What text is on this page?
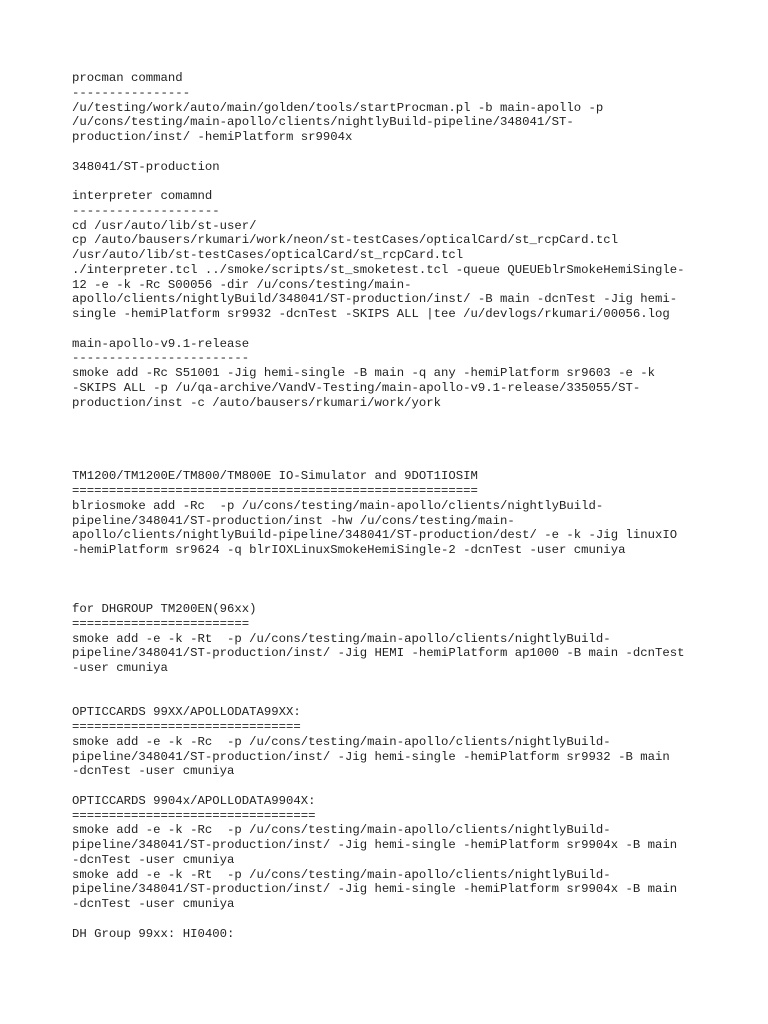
procman command
----------------
/u/testing/work/auto/main/golden/tools/startProcman.pl -b main-apollo -p
/u/cons/testing/main-apollo/clients/nightlyBuild-pipeline/348041/ST-
production/inst/ -hemiPlatform sr9904x
348041/ST-production
interpreter comamnd
--------------------
cd /usr/auto/lib/st-user/
cp /auto/bausers/rkumari/work/neon/st-testCases/opticalCard/st_rcpCard.tcl
/usr/auto/lib/st-testCases/opticalCard/st_rcpCard.tcl
./interpreter.tcl ../smoke/scripts/st_smoketest.tcl -queue QUEUEblrSmokeHemiSingle-
12 -e -k -Rc S00056 -dir /u/cons/testing/main-
apollo/clients/nightlyBuild/348041/ST-production/inst/ -B main -dcnTest -Jig hemi-
single -hemiPlatform sr9932 -dcnTest -SKIPS ALL |tee /u/devlogs/rkumari/00056.log
main-apollo-v9.1-release
------------------------
smoke add -Rc S51001 -Jig hemi-single -B main -q any -hemiPlatform sr9603 -e -k
-SKIPS ALL -p /u/qa-archive/VandV-Testing/main-apollo-v9.1-release/335055/ST-
production/inst -c /auto/bausers/rkumari/work/york
TM1200/TM1200E/TM800/TM800E IO-Simulator and 9DOT1IOSIM
=======================================================
blriosmoke add -Rc  -p /u/cons/testing/main-apollo/clients/nightlyBuild-
pipeline/348041/ST-production/inst -hw /u/cons/testing/main-
apollo/clients/nightlyBuild-pipeline/348041/ST-production/dest/ -e -k -Jig linuxIO
-hemiPlatform sr9624 -q blrIOXLinuxSmokeHemiSingle-2 -dcnTest -user cmuniya
for DHGROUP TM200EN(96xx)
========================
smoke add -e -k -Rt  -p /u/cons/testing/main-apollo/clients/nightlyBuild-
pipeline/348041/ST-production/inst/ -Jig HEMI -hemiPlatform ap1000 -B main -dcnTest
-user cmuniya
OPTICCARDS 99XX/APOLLODATA99XX:
===============================
smoke add -e -k -Rc  -p /u/cons/testing/main-apollo/clients/nightlyBuild-
pipeline/348041/ST-production/inst/ -Jig hemi-single -hemiPlatform sr9932 -B main
-dcnTest -user cmuniya
OPTICCARDS 9904x/APOLLODATA9904X:
=================================
smoke add -e -k -Rc  -p /u/cons/testing/main-apollo/clients/nightlyBuild-
pipeline/348041/ST-production/inst/ -Jig hemi-single -hemiPlatform sr9904x -B main
-dcnTest -user cmuniya
smoke add -e -k -Rt  -p /u/cons/testing/main-apollo/clients/nightlyBuild-
pipeline/348041/ST-production/inst/ -Jig hemi-single -hemiPlatform sr9904x -B main
-dcnTest -user cmuniya
DH Group 99xx: HI0400:
